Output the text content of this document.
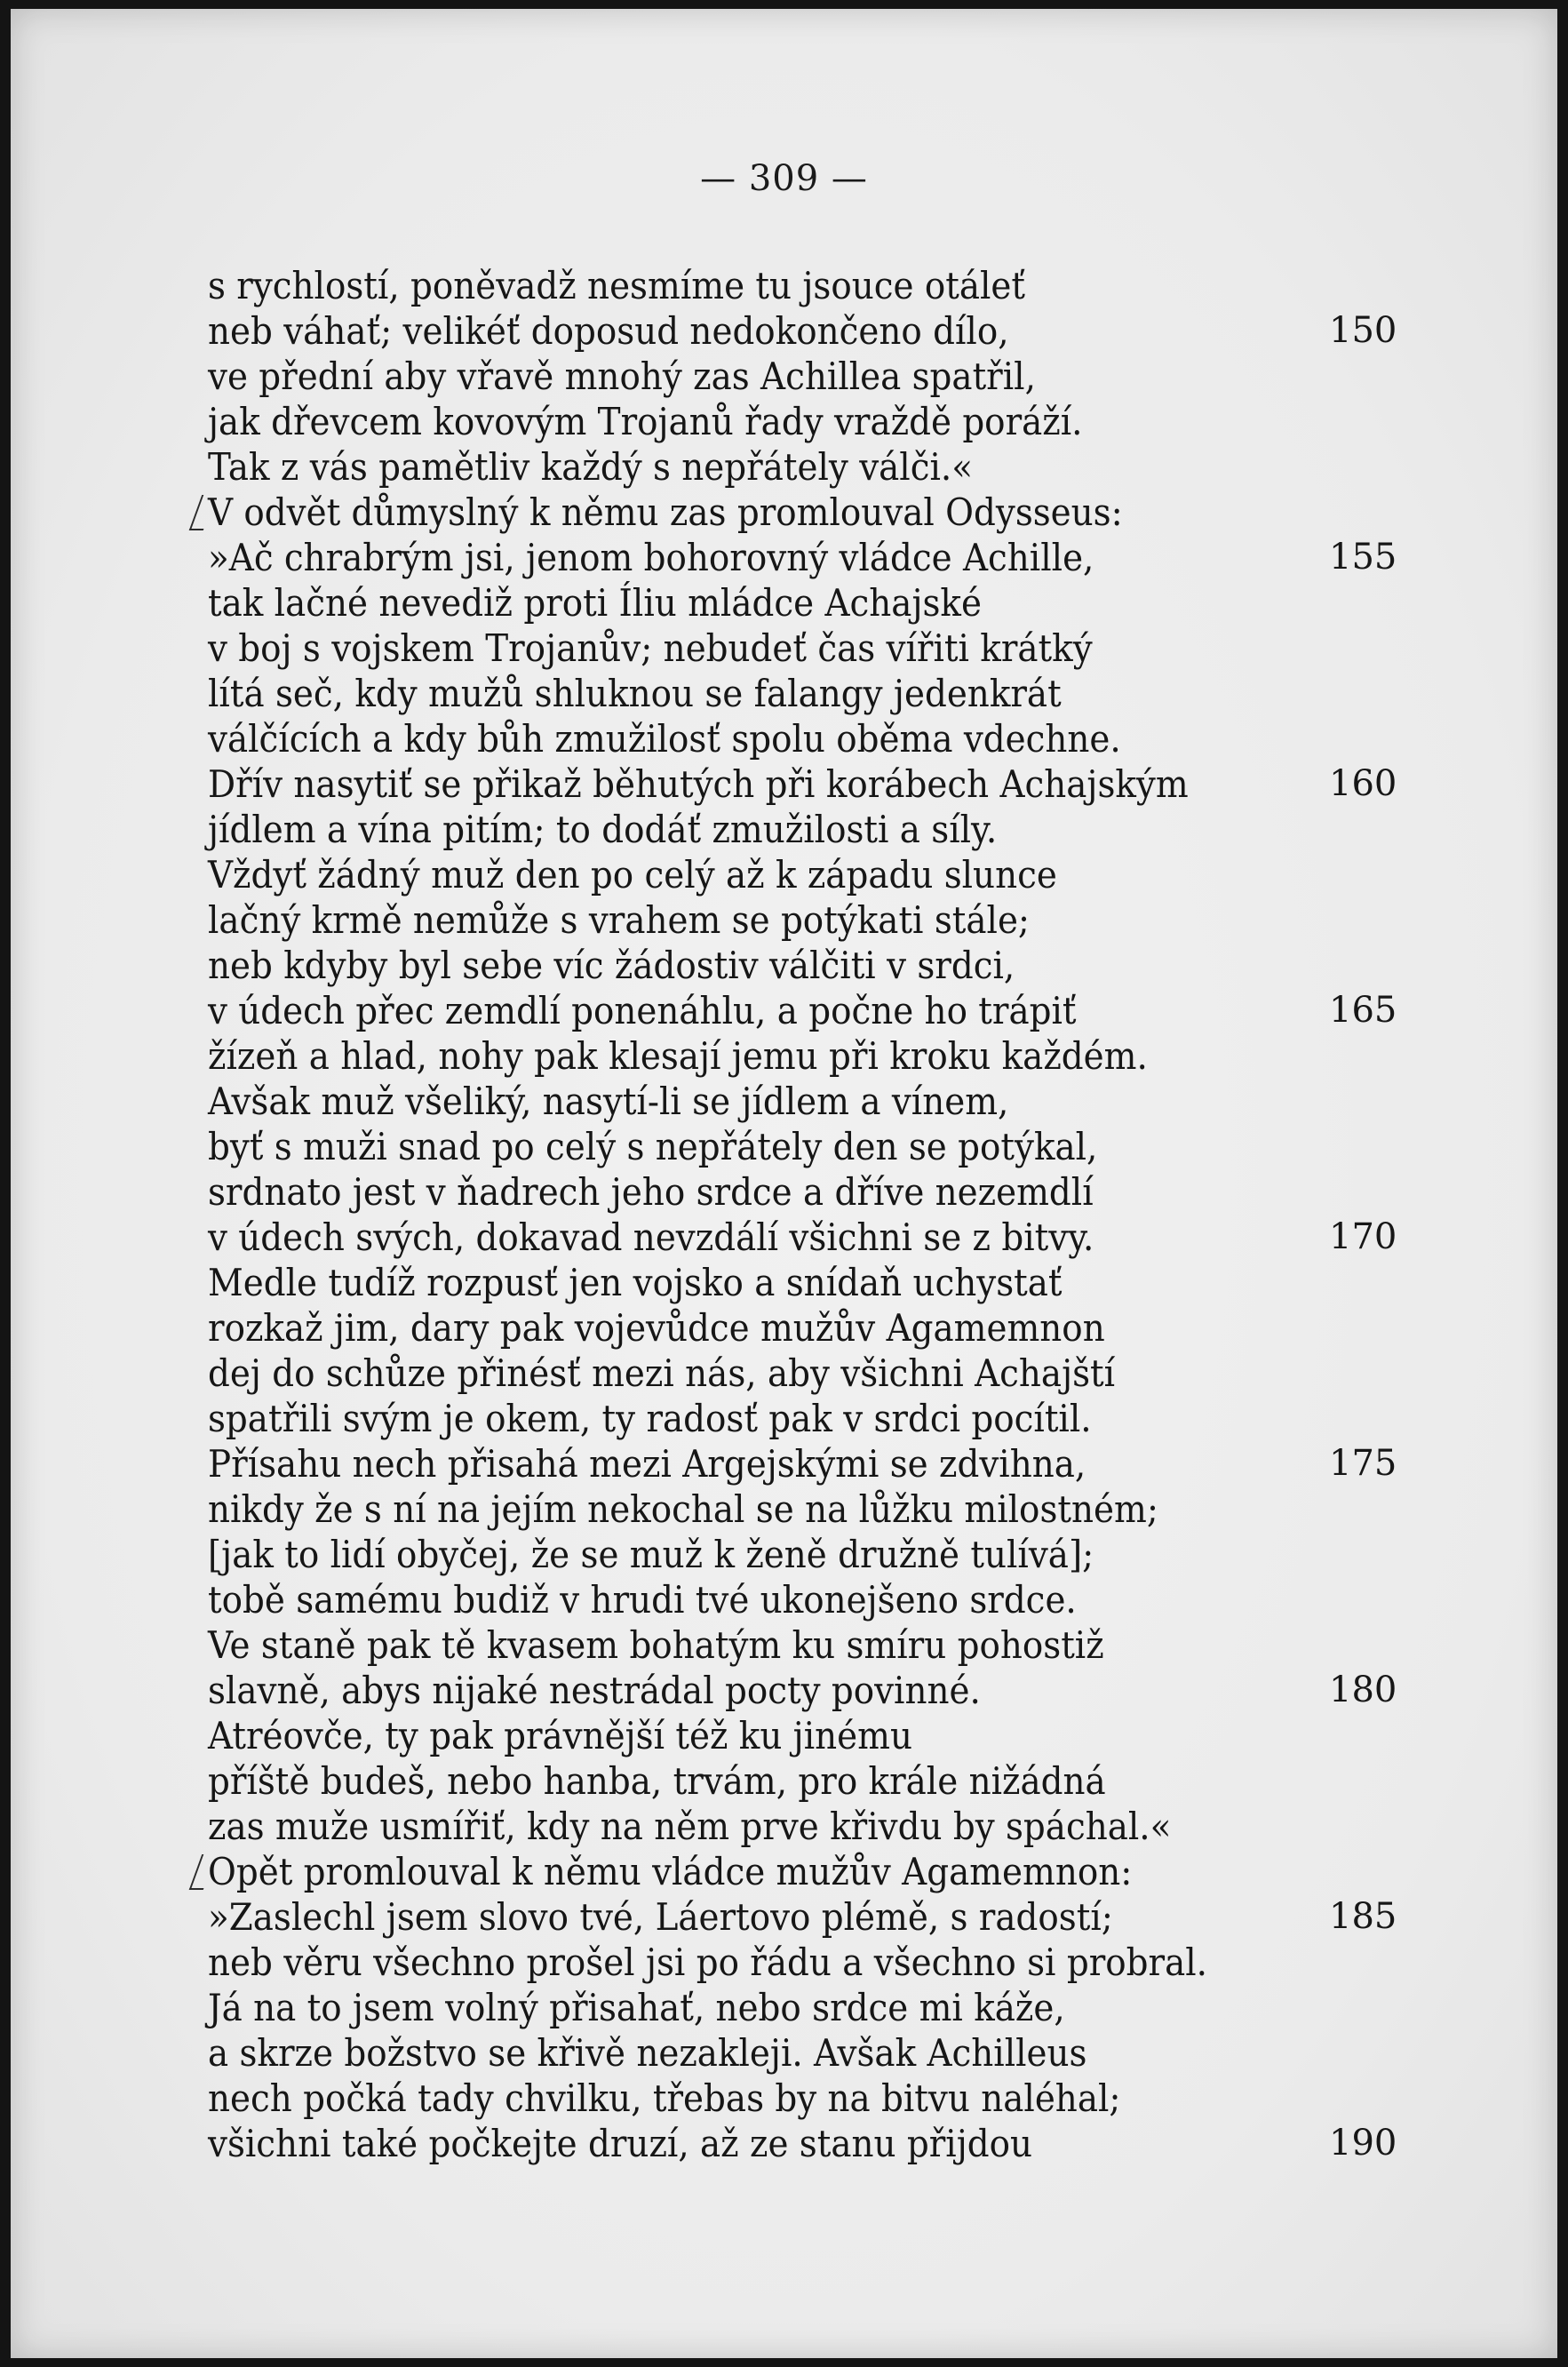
— 309 —
s rychlostí, poněvadž nesmíme tu jsouce otáleť
neb váhať; velikéť doposud nedokončeno dílo,	150
ve přední aby vřavě mnohý zas Achillea spatřil,
jak dřevcem kovovým Trojanů řady vraždě poráží.
Tak z vás pamětliv každý s nepřátely válči.«
V odvět důmyslný k němu zas promlouval Odysseus:
»Ač chrabrým jsi, jenom bohorovný vládce Achille,	155
tak lačné nevediž proti Íliu mládce Achajské
v boj s vojskem Trojanův; nebudeť čas vířiti krátký
lítá seč, kdy mužů shluknou se falangy jedenkrát
válčících a kdy bůh zmužilosť spolu oběma vdechne.
Dřív nasytiť se přikaž běhutých při korábech Achajským	160
jídlem a vína pitím; to dodáť zmužilosti a síly.
Vždyť žádný muž den po celý až k západu slunce
lačný krmě nemůže s vrahem se potýkati stále;
neb kdyby byl sebe víc žádostiv válčiti v srdci,
v údech přec zemdlí ponenáhlu, a počne ho trápiť	165
žízeň a hlad, nohy pak klesají jemu při kroku každém.
Avšak muž všeliký, nasytí-li se jídlem a vínem,
byť s muži snad po celý s nepřátely den se potýkal,
srdnato jest v ňadrech jeho srdce a dříve nezemdlí
v údech svých, dokavad nevzdálí všichni se z bitvy.	170
Medle tudíž rozpusť jen vojsko a snídaň uchystať
rozkaž jim, dary pak vojevůdce mužův Agamemnon
dej do schůze přinésť mezi nás, aby všichni Achajští
spatřili svým je okem, ty radosť pak v srdci pocítil.
Přísahu nech přisahá mezi Argejskými se zdvihna,	175
nikdy že s ní na jejím nekochal se na lůžku milostném;
[jak to lidí obyčej, že se muž k ženě družně tulívá];
tobě samému budiž v hrudi tvé ukonejšeno srdce.
Ve staně pak tě kvasem bohatým ku smíru pohostiž
slavně, abys nijaké nestrádal pocty povinné.	180
Atréovče, ty pak právnější též ku jinému
příště budeš, nebo hanba, trvám, pro krále nižádná
zas muže usmířiť, kdy na něm prve křivdu by spáchal.«
Opět promlouval k němu vládce mužův Agamemnon:
»Zaslechl jsem slovo tvé, Láertovo plémě, s radostí;	185
neb věru všechno prošel jsi po řádu a všechno si probral.
Já na to jsem volný přisahať, nebo srdce mi káže,
a skrze božstvo se křivě nezakleji. Avšak Achilleus
nech počká tady chvilku, třebas by na bitvu naléhal;
všichni také počkejte druzí, až ze stanu přijdou	190
